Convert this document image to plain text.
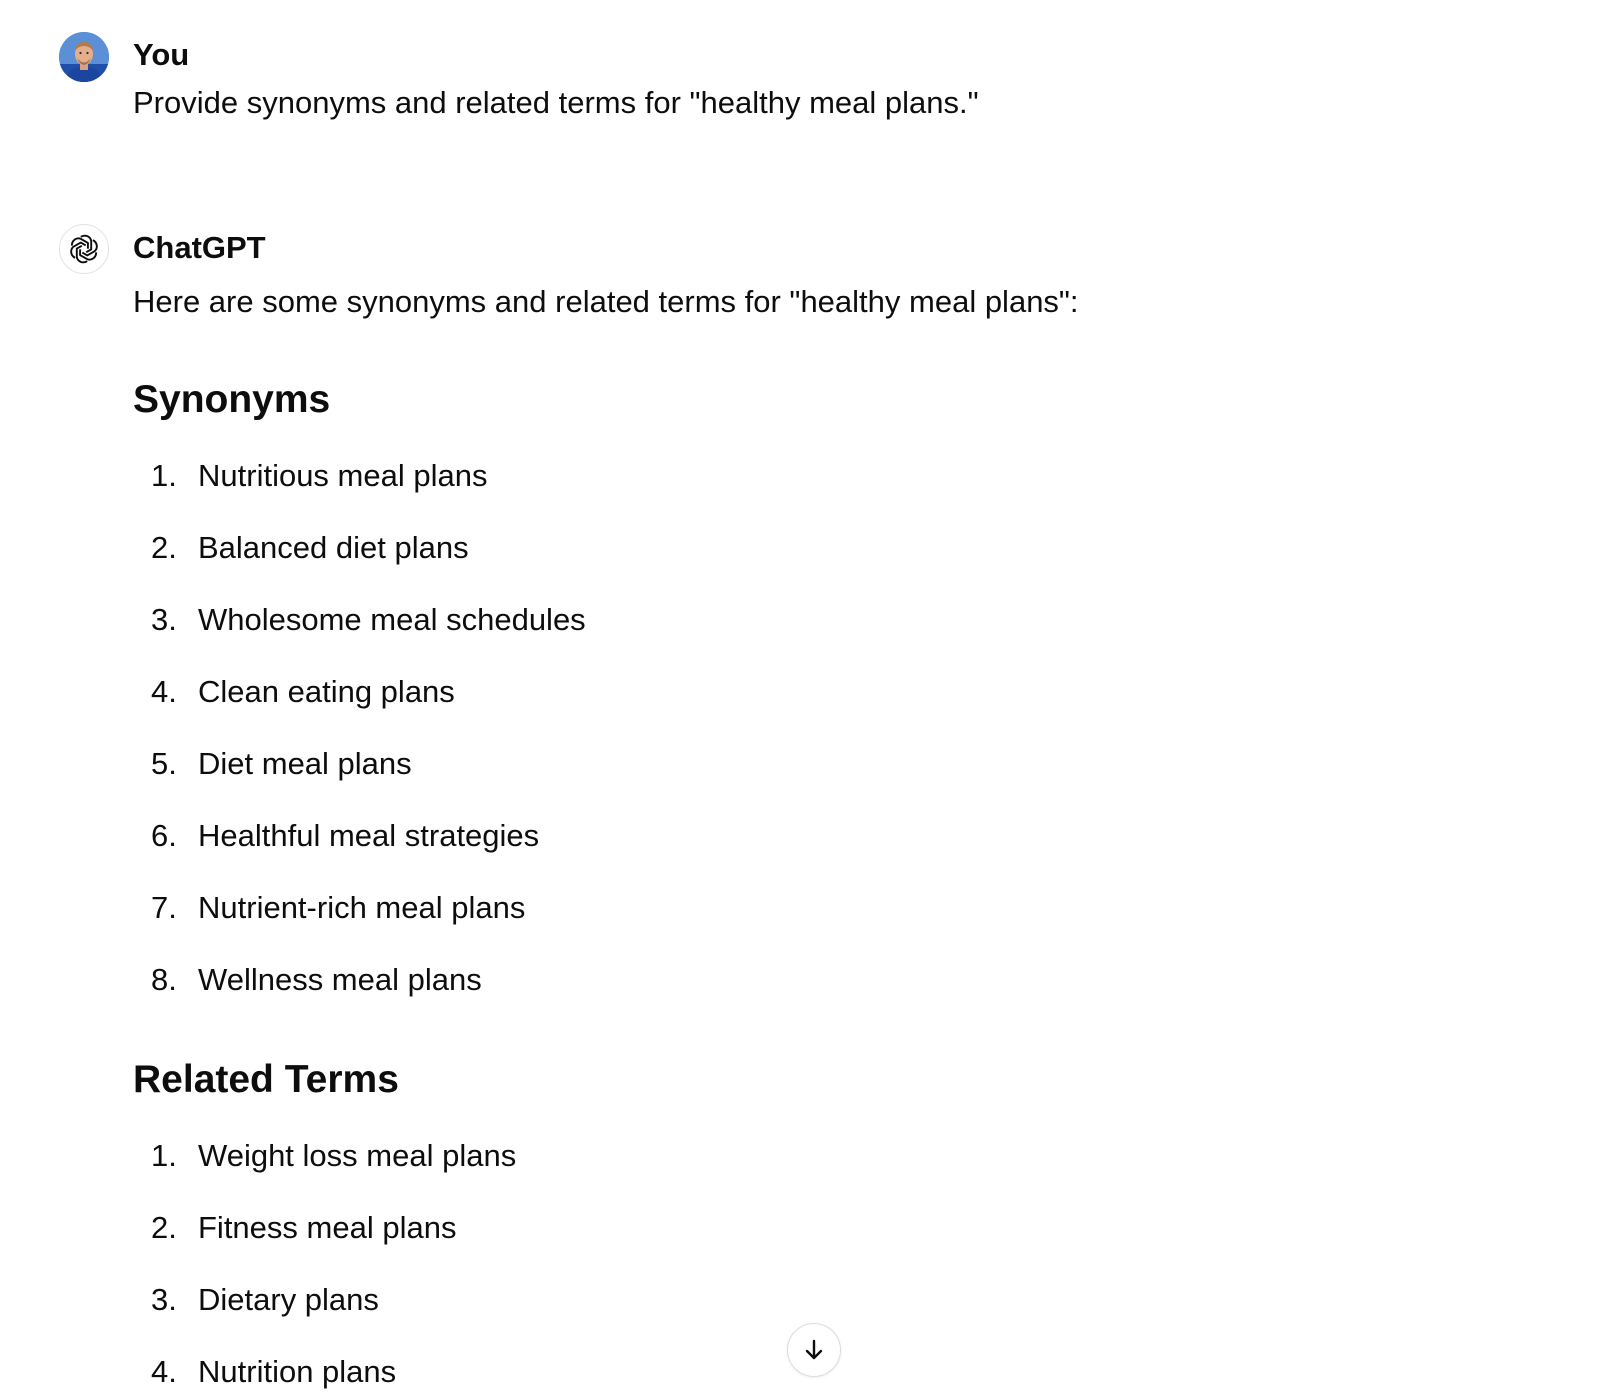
You
Provide synonyms and related terms for "healthy meal plans."
ChatGPT
Here are some synonyms and related terms for "healthy meal plans":
Synonyms
1. Nutritious meal plans
2. Balanced diet plans
3. Wholesome meal schedules
4. Clean eating plans
5. Diet meal plans
6. Healthful meal strategies
7. Nutrient-rich meal plans
8. Wellness meal plans
Related Terms
1. Weight loss meal plans
2. Fitness meal plans
3. Dietary plans
4. Nutrition plans
